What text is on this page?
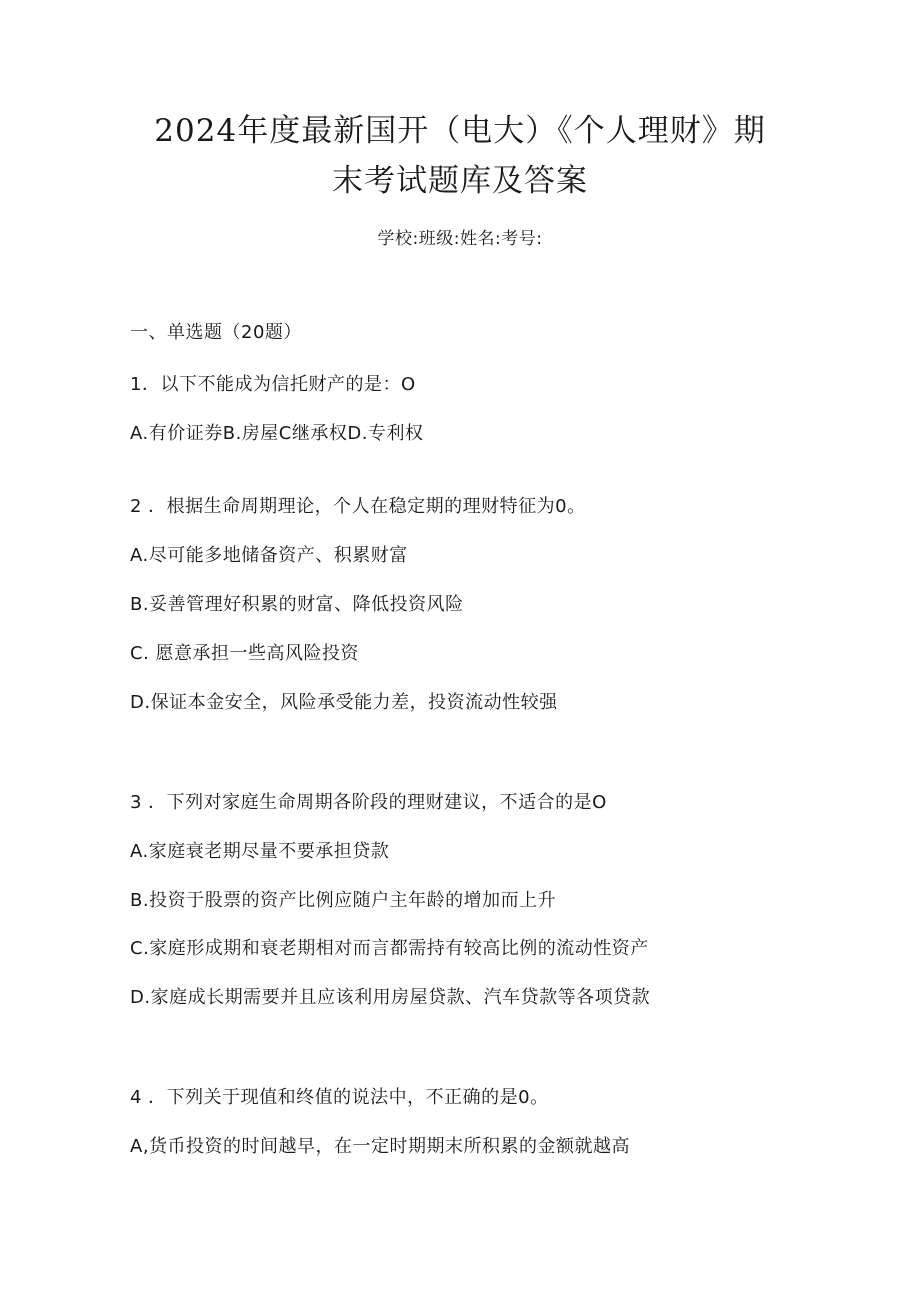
2024年度最新国开（电大）《个人理财》期
末考试题库及答案
学校:班级:姓名:考号:
一、单选题（20题）
1．以下不能成为信托财产的是：O
A.有价证券B.房屋C继承权D.专利权
2 ．根据生命周期理论，个人在稳定期的理财特征为0。
A.尽可能多地储备资产、积累财富
B.妥善管理好积累的财富、降低投资风险
C. 愿意承担一些高风险投资
D.保证本金安全，风险承受能力差，投资流动性较强
3 ．下列对家庭生命周期各阶段的理财建议，不适合的是O
A.家庭衰老期尽量不要承担贷款
B.投资于股票的资产比例应随户主年龄的增加而上升
C.家庭形成期和衰老期相对而言都需持有较高比例的流动性资产
D.家庭成长期需要并且应该利用房屋贷款、汽车贷款等各项贷款
4 ．下列关于现值和终值的说法中，不正确的是0。
A,货币投资的时间越早，在一定时期期末所积累的金额就越高
